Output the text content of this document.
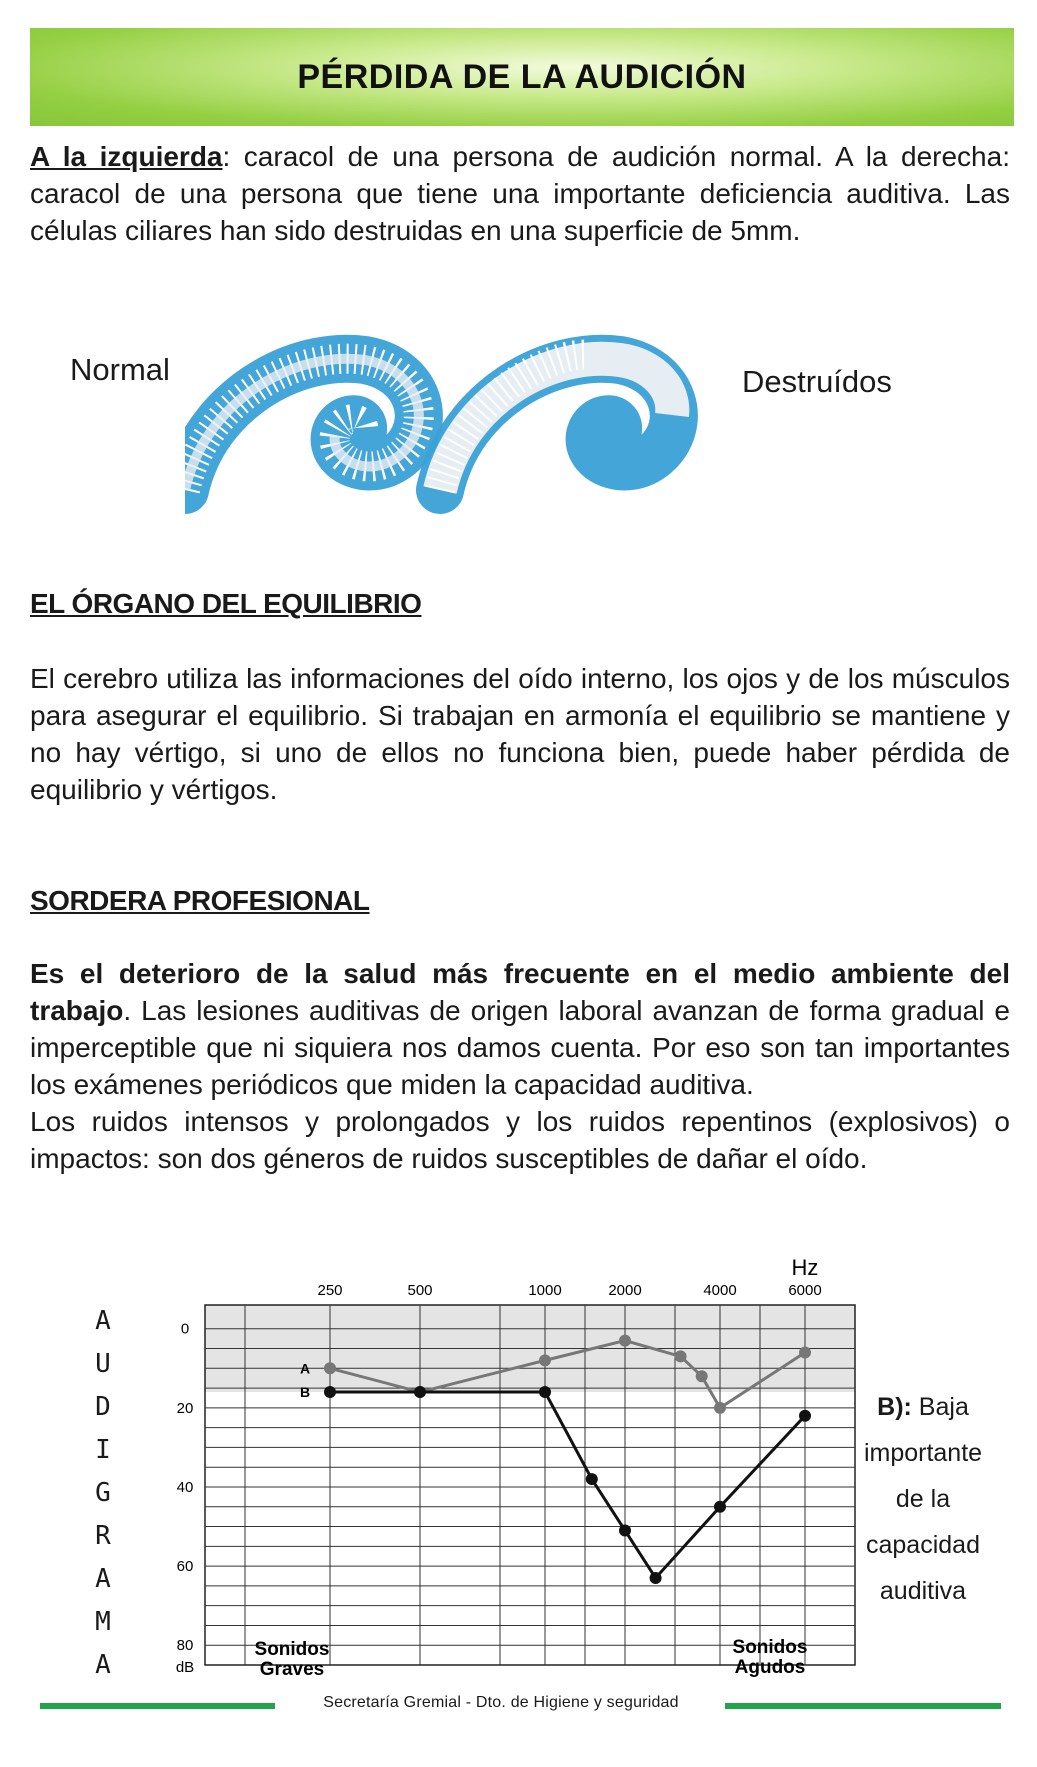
PÉRDIDA DE LA AUDICIÓN
A la izquierda: caracol de una persona de audición normal. A la derecha: caracol de una persona que tiene una importante deficiencia auditiva. Las células ciliares han sido destruidas en una superficie de 5mm.
Normal	Destruídos
EL ÓRGANO DEL EQUILIBRIO
El cerebro utiliza las informaciones del oído interno, los ojos y de los músculos para asegurar el equilibrio. Si trabajan en armonía el equilibrio se mantiene y no hay vértigo, si uno de ellos no funciona bien, puede haber pérdida de equilibrio y vértigos.
SORDERA PROFESIONAL
Es el deterioro de la salud más frecuente en el medio ambiente del trabajo. Las lesiones auditivas de origen laboral avanzan de forma gradual e imperceptible que ni siquiera nos damos cuenta. Por eso son tan importantes los exámenes periódicos que miden la capacidad auditiva.
Los ruidos intensos y prolongados y los ruidos repentinos (explosivos) o impactos: son dos géneros de ruidos susceptibles de dañar el oído.
A
U
D
I
G
R
A
M
A
250	500	1000	2000	4000	6000
Hz
0
20
40
60
80
dB
A
B
Sonidos Graves
Sonidos Agudos
B): Baja importante de la capacidad auditiva
Secretaría Gremial - Dto. de Higiene y seguridad
